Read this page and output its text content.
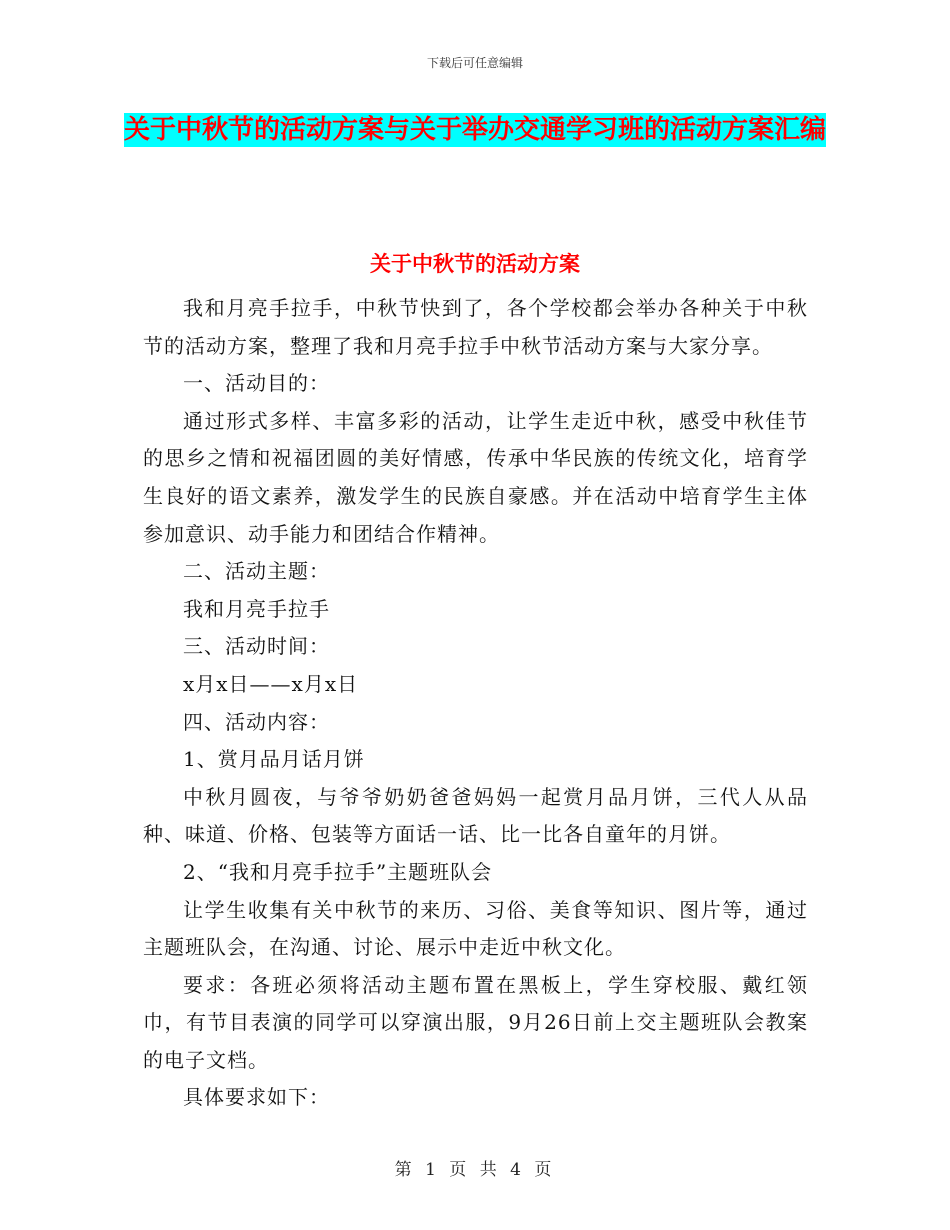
下载后可任意编辑
关于中秋节的活动方案与关于举办交通学习班的活动方案汇编
关于中秋节的活动方案

我和月亮手拉手，中秋节快到了，各个学校都会举办各种关于中秋节的活动方案，整理了我和月亮手拉手中秋节活动方案与大家分享。

一、活动目的：

通过形式多样、丰富多彩的活动，让学生走近中秋，感受中秋佳节的思乡之情和祝福团圆的美好情感，传承中华民族的传统文化，培育学生良好的语文素养，激发学生的民族自豪感。并在活动中培育学生主体参加意识、动手能力和团结合作精神。

二、活动主题：

我和月亮手拉手

三、活动时间：

x月x日——x月x日

四、活动内容：

1、赏月品月话月饼

中秋月圆夜，与爷爷奶奶爸爸妈妈一起赏月品月饼，三代人从品种、味道、价格、包装等方面话一话、比一比各自童年的月饼。

2、“我和月亮手拉手”主题班队会

让学生收集有关中秋节的来历、习俗、美食等知识、图片等，通过主题班队会，在沟通、讨论、展示中走近中秋文化。

要求：各班必须将活动主题布置在黑板上，学生穿校服、戴红领巾，有节目表演的同学可以穿演出服，9月26日前上交主题班队会教案的电子文档。

具体要求如下：

第 1 页 共 4 页
